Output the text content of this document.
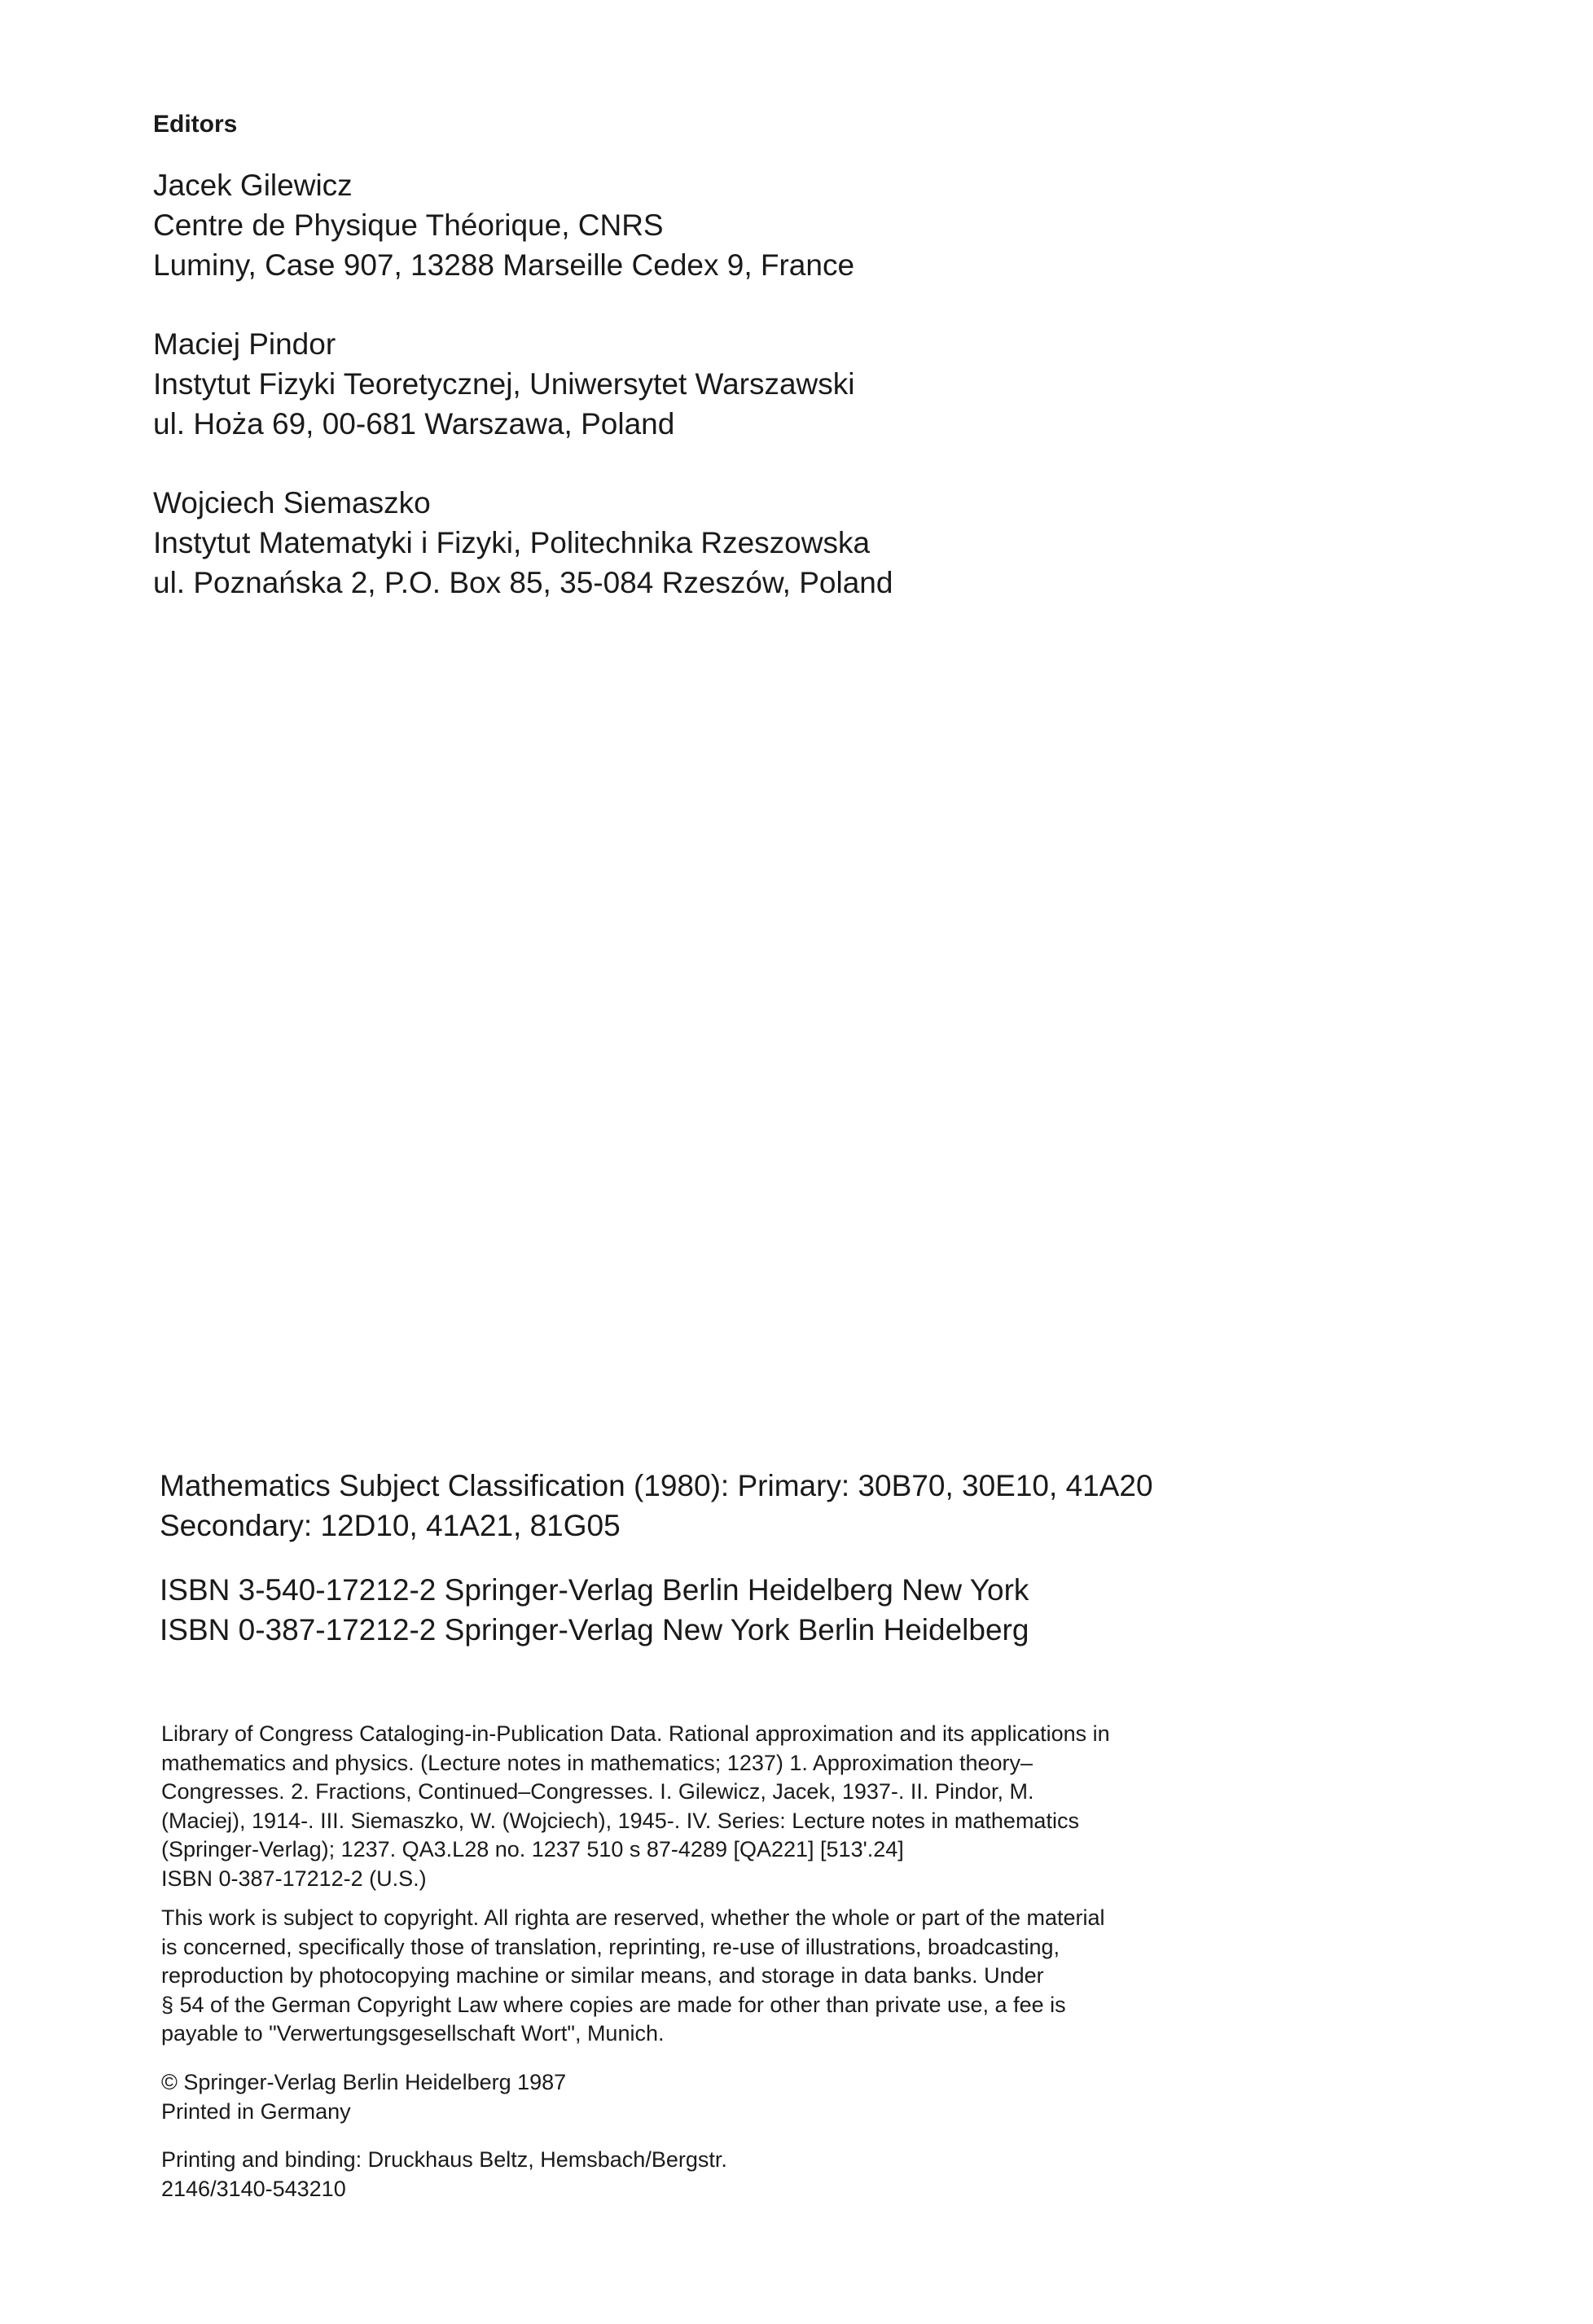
Editors
Jacek Gilewicz
Centre de Physique Théorique, CNRS
Luminy, Case 907, 13288 Marseille Cedex 9, France
Maciej Pindor
Instytut Fizyki Teoretycznej, Uniwersytet Warszawski
ul. Hoża 69, 00-681 Warszawa, Poland
Wojciech Siemaszko
Instytut Matematyki i Fizyki, Politechnika Rzeszowska
ul. Poznańska 2, P.O. Box 85, 35-084 Rzeszów, Poland
Mathematics Subject Classification (1980): Primary: 30B70, 30E10, 41A20
Secondary: 12D10, 41A21, 81G05
ISBN 3-540-17212-2 Springer-Verlag Berlin Heidelberg New York
ISBN 0-387-17212-2 Springer-Verlag New York Berlin Heidelberg
Library of Congress Cataloging-in-Publication Data. Rational approximation and its applications in
mathematics and physics. (Lecture notes in mathematics; 1237) 1. Approximation theory–
Congresses. 2. Fractions, Continued–Congresses. I. Gilewicz, Jacek, 1937-. II. Pindor, M.
(Maciej), 1914-. III. Siemaszko, W. (Wojciech), 1945-. IV. Series: Lecture notes in mathematics
(Springer-Verlag); 1237. QA3.L28 no. 1237 510 s 87-4289 [QA221] [513'.24]
ISBN 0-387-17212-2 (U.S.)
This work is subject to copyright. All righta are reserved, whether the whole or part of the material
is concerned, specifically those of translation, reprinting, re-use of illustrations, broadcasting,
reproduction by photocopying machine or similar means, and storage in data banks. Under
§ 54 of the German Copyright Law where copies are made for other than private use, a fee is
payable to "Verwertungsgesellschaft Wort", Munich.
© Springer-Verlag Berlin Heidelberg 1987
Printed in Germany
Printing and binding: Druckhaus Beltz, Hemsbach/Bergstr.
2146/3140-543210
